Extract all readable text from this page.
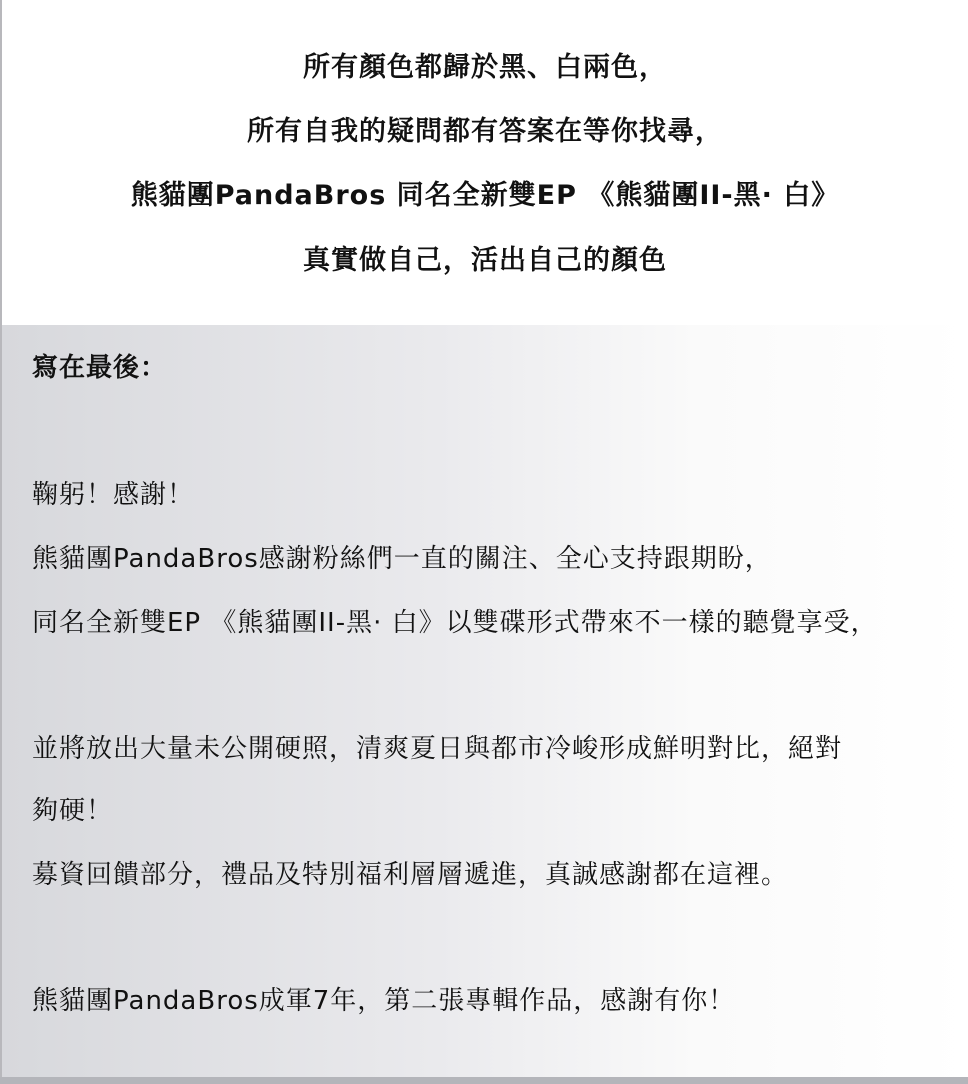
所有顏色都歸於黑、白兩色，
所有自我的疑問都有答案在等你找尋，
熊貓團PandaBros 同名全新雙EP 《熊貓團II-黑· 白》
真實做自己，活出自己的顏色
寫在最後：
鞠躬！感謝！
熊貓團PandaBros感謝粉絲們一直的關注、全心支持跟期盼，
同名全新雙EP 《熊貓團II-黑· 白》以雙碟形式帶來不一樣的聽覺享受，
並將放出大量未公開硬照，清爽夏日與都市冷峻形成鮮明對比，絕對
夠硬！
募資回饋部分，禮品及特別福利層層遞進，真誠感謝都在這裡。
熊貓團PandaBros成軍7年，第二張專輯作品，感謝有你！
